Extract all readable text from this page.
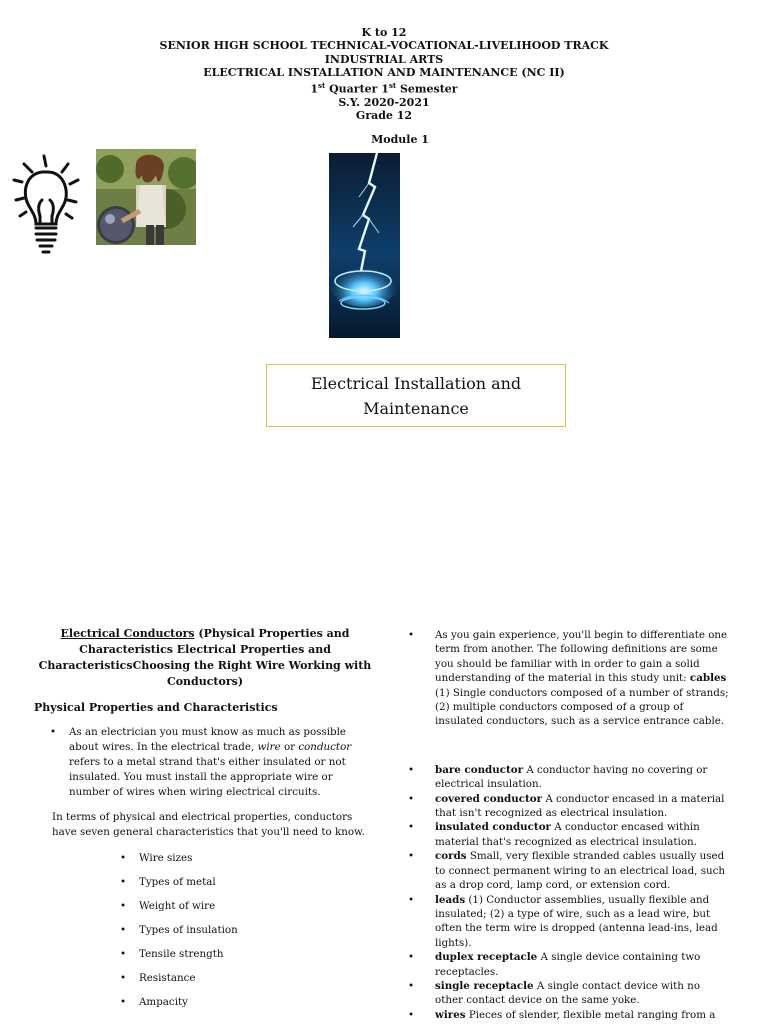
K to 12
SENIOR HIGH SCHOOL TECHNICAL-VOCATIONAL-LIVELIHOOD TRACK
INDUSTRIAL ARTS
ELECTRICAL INSTALLATION AND MAINTENANCE (NC II)
1st Quarter 1st Semester
S.Y. 2020-2021
Grade 12
Module 1
Electrical Installation and Maintenance
Electrical Conductors (Physical Properties and Characteristics Electrical Properties and CharacteristicsChoosing the Right Wire Working with Conductors)
Physical Properties and Characteristics
• As an electrician you must know as much as possible about wires. In the electrical trade, wire or conductor refers to a metal strand that's either insulated or not insulated. You must install the appropriate wire or number of wires when wiring electrical circuits.
In terms of physical and electrical properties, conductors have seven general characteristics that you'll need to know.
• Wire sizes
• Types of metal
• Weight of wire
• Types of insulation
• Tensile strength
• Resistance
• Ampacity
• As you gain experience, you'll begin to differentiate one term from another. The following definitions are some you should be familiar with in order to gain a solid understanding of the material in this study unit: cables (1) Single conductors composed of a number of strands; (2) multiple conductors composed of a group of insulated conductors, such as a service entrance cable.
• bare conductor A conductor having no covering or electrical insulation.
• covered conductor A conductor encased in a material that isn't recognized as electrical insulation.
• insulated conductor A conductor encased within material that's recognized as electrical insulation.
• cords Small, very flexible stranded cables usually used to connect permanent wiring to an electrical load, such as a drop cord, lamp cord, or extension cord.
• leads (1) Conductor assemblies, usually flexible and insulated; (2) a type of wire, such as a lead wire, but often the term wire is dropped (antenna lead-ins, lead lights).
• duplex receptacle A single device containing two receptacles.
• single receptacle A single contact device with no other contact device on the same yoke.
• wires Pieces of slender, flexible metal ranging from a
